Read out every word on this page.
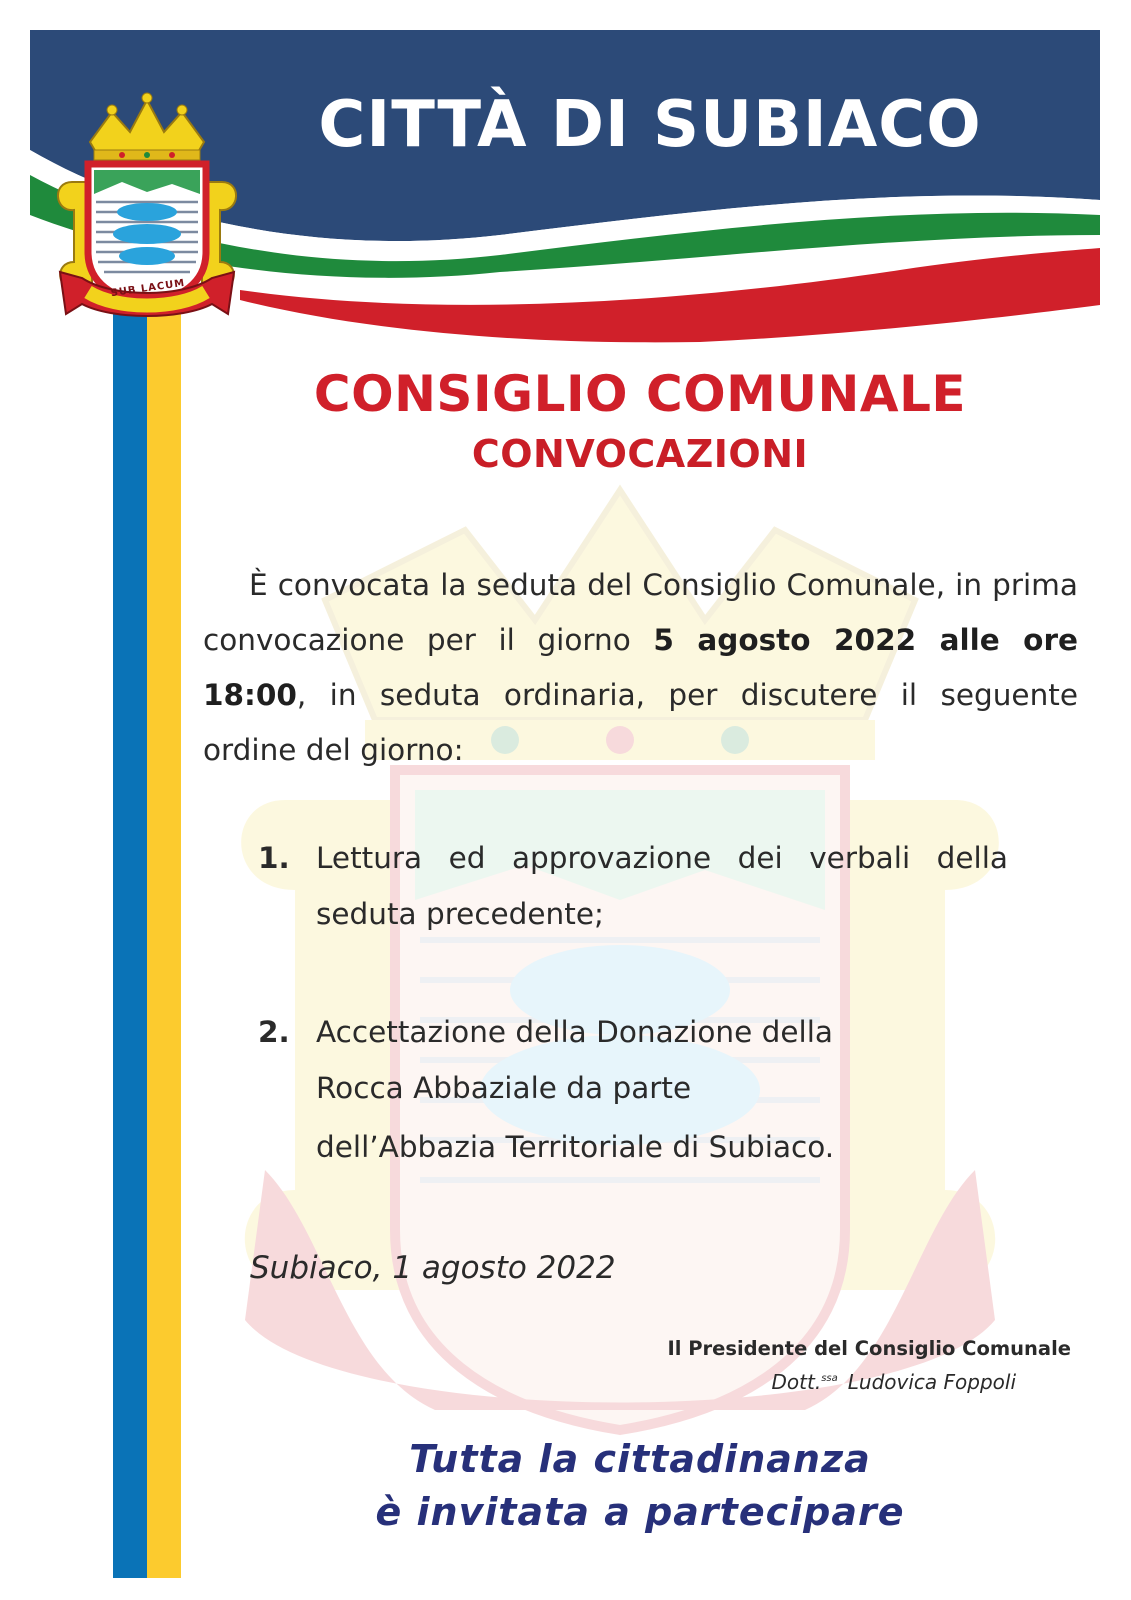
CITTÀ DI SUBIACO
SUB LACUM
CONSIGLIO COMUNALE
CONVOCAZIONI
È convocata la seduta del Consiglio Comunale, in prima convocazione per il giorno 5 agosto 2022 alle ore 18:00, in seduta ordinaria, per discutere il seguente ordine del giorno:
1. Lettura ed approvazione dei verbali della seduta precedente;
2. Accettazione della Donazione della
Rocca Abbaziale da parte
dell’Abbazia Territoriale di Subiaco.
Subiaco, 1 agosto 2022
Il Presidente del Consiglio Comunale
Dott.$^{ssa}$ Ludovica Foppoli
Tutta la cittadinanza
è invitata a partecipare
